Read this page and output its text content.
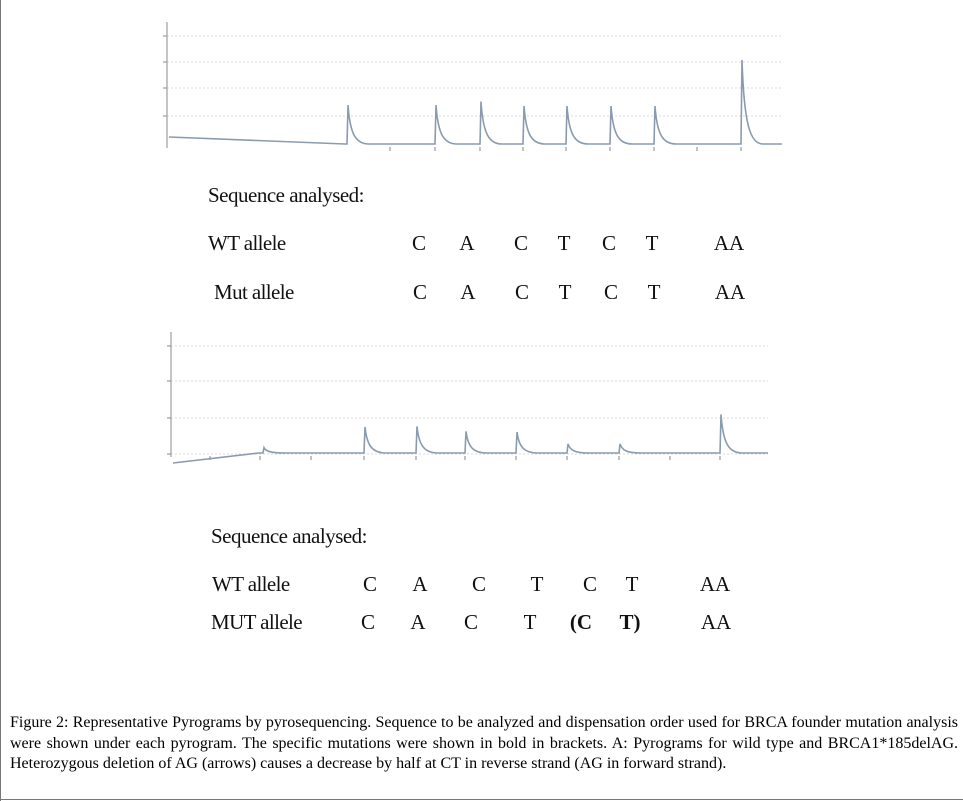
Sequence analysed:
WT allele	C A C T C T	AA
Mut allele	C A C T C T	AA
Sequence analysed:
WT allele	C A C T C T	AA
MUT allele	C A C T (C T)	AA
Figure 2: Representative Pyrograms by pyrosequencing. Sequence to be analyzed and dispensation order used for BRCA founder mutation analysis were shown under each pyrogram. The specific mutations were shown in bold in brackets. A: Pyrograms for wild type and BRCA1*185delAG. Heterozygous deletion of AG (arrows) causes a decrease by half at CT in reverse strand (AG in forward strand).
